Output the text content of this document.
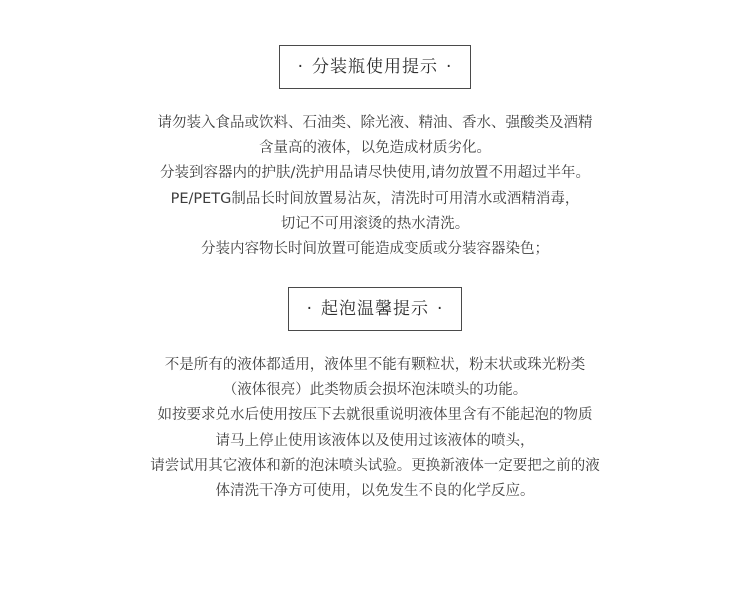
· 分装瓶使用提示 ·
请勿装入食品或饮料、石油类、除光液、精油、香水、强酸类及酒精
含量高的液体，以免造成材质劣化。
分装到容器内的护肤/洗护用品请尽快使用,请勿放置不用超过半年。
PE/PETG制品长时间放置易沾灰，清洗时可用清水或酒精消毒，
切记不可用滚烫的热水清洗。
分装内容物长时间放置可能造成变质或分装容器染色；
· 起泡温馨提示 ·
不是所有的液体都适用，液体里不能有颗粒状，粉末状或珠光粉类
（液体很亮）此类物质会损坏泡沫喷头的功能。
如按要求兑水后使用按压下去就很重说明液体里含有不能起泡的物质
请马上停止使用该液体以及使用过该液体的喷头，
请尝试用其它液体和新的泡沫喷头试验。更换新液体一定要把之前的液
体清洗干净方可使用，以免发生不良的化学反应。
